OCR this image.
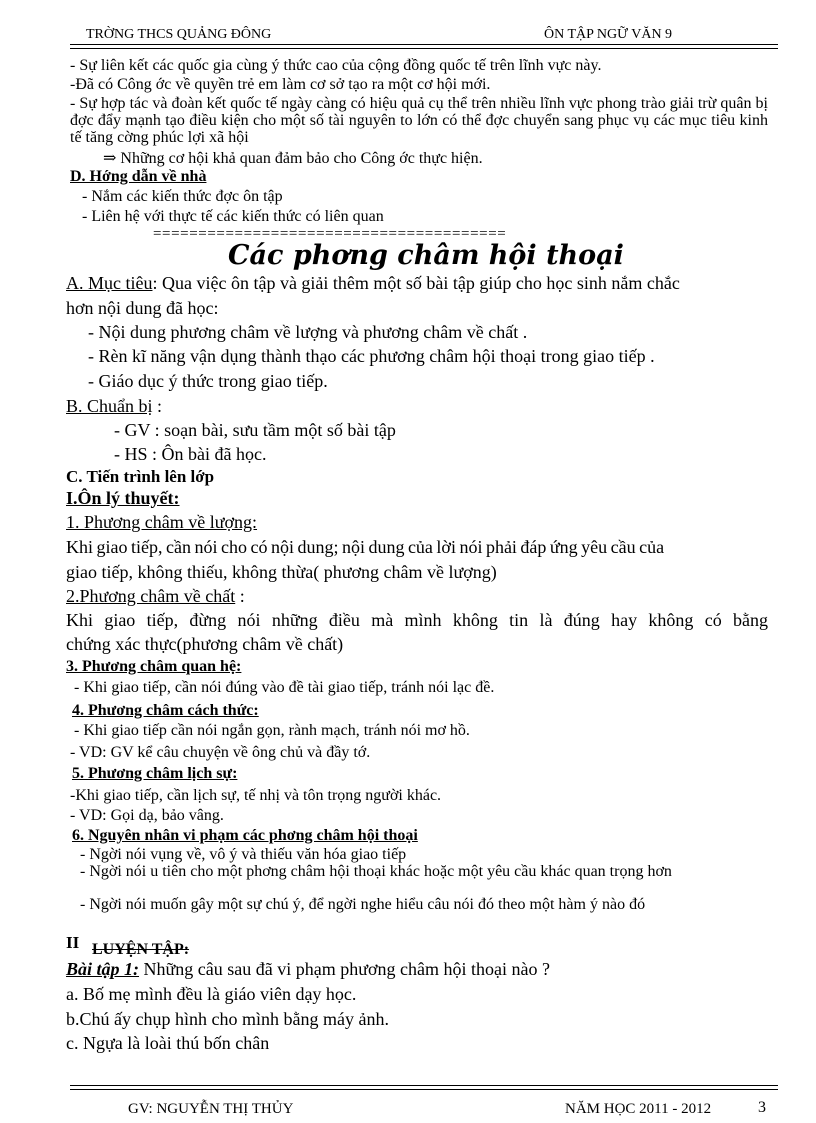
TRỜNG THCS QUẢNG ĐÔNG	ÔN TẬP NGỮ VĂN 9
- Sự liên kết các quốc gia cùng ý thức cao của cộng đồng quốc tế trên lĩnh vực này.
-Đã có Công ớc về quyền trẻ em làm cơ sở tạo ra một cơ hội mới.
- Sự hợp tác và đoàn kết quốc tế ngày càng có hiệu quả cụ thể trên nhiều lĩnh vực phong trào giải trừ quân bị đợc đẩy mạnh tạo điều kiện cho một số tài nguyên to lớn có thể đợc chuyển sang phục vụ các mục tiêu kinh tế tăng cờng phúc lợi xã hội
⇒ Những cơ hội khả quan đảm bảo cho Công ớc thực hiện.
D. Hớng dẫn về nhà
- Nắm các kiến thức đợc ôn tập
- Liên hệ với thực tế các kiến thức có liên quan
=======================================
Các phơng châm hội thoại
A. Mục tiêu: Qua việc ôn tập và giải thêm một số bài tập giúp cho học sinh nắm chắc
hơn nội dung đã học:
- Nội dung phương châm về lượng và phương châm về chất .
- Rèn kĩ năng vận dụng thành thạo các phương châm hội thoại trong giao tiếp .
- Giáo dục ý thức trong giao tiếp.
B. Chuẩn bị :
- GV : soạn bài, sưu tầm một số bài tập
- HS : Ôn bài đã học.
C. Tiến trình lên lớp
I.Ôn lý thuyết:
1. Phương châm về lượng:
Khi giao tiếp, cần nói cho có nội dung; nội dung của lời nói phải đáp ứng yêu cầu của
giao tiếp, không thiếu, không thừa( phương châm về lượng)
2.Phương châm về chất :
Khi giao tiếp, đừng nói những điều mà mình không tin là đúng hay không có bằng
chứng xác thực(phương châm về chất)
3. Phương châm quan hệ:
- Khi giao tiếp, cần nói đúng vào đề tài giao tiếp, tránh nói lạc đề.
4. Phương châm cách thức:
- Khi giao tiếp cần nói ngắn gọn, rành mạch, tránh nói mơ hồ.
- VD: GV kể câu chuyện về ông chủ và đầy tớ.
5. Phương châm lịch sự:
-Khi giao tiếp, cần lịch sự, tế nhị và tôn trọng người khác.
- VD: Gọi dạ, bảo vâng.
6. Nguyên nhân vi phạm các phơng châm hội thoại
- Ngời nói vụng về, vô ý và thiếu văn hóa giao tiếp
- Ngời nói u tiên cho một phơng châm hội thoại khác hoặc một yêu cầu khác quan trọng hơn
- Ngời nói muốn gây một sự chú ý, để ngời nghe hiểu câu nói đó theo một hàm ý nào đó
II LUYỆN TẬP:
Bài tập 1: Những câu sau đã vi phạm phương châm hội thoại nào ?
a. Bố mẹ mình đều là giáo viên dạy học.
b.Chú ấy chụp hình cho mình bằng máy ảnh.
c. Ngựa là loài thú bốn chân
GV: NGUYỄN THỊ THỦY	NĂM HỌC 2011 - 2012	3
